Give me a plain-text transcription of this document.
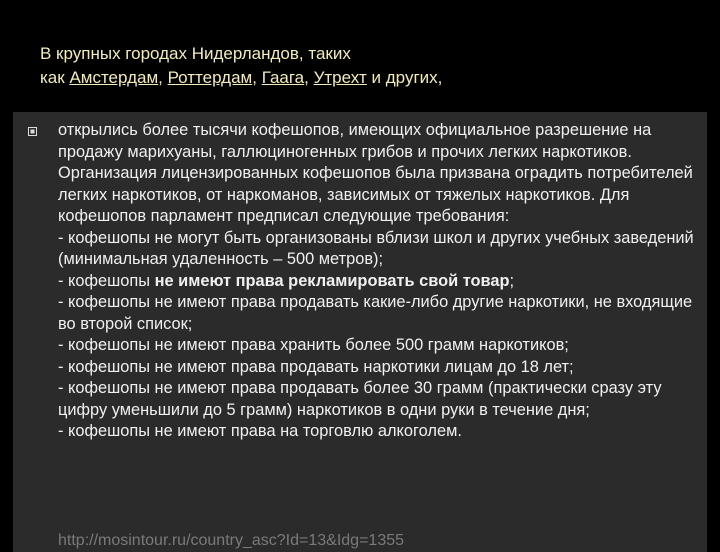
В крупных городах Нидерландов, таких
как Амстердам, Роттердам, Гаага, Утрехт и других,

открылись более тысячи кофешопов, имеющих официальное разрешение на продажу марихуаны, галлюциногенных грибов и прочих легких наркотиков. Организация лицензированных кофешопов была призвана оградить потребителей легких наркотиков, от наркоманов, зависимых от тяжелых наркотиков. Для кофешопов парламент предписал следующие требования:

- кофешопы не могут быть организованы вблизи школ и других учебных заведений (минимальная удаленность – 500 метров);

- кофешопы не имеют права рекламировать свой товар;

- кофешопы не имеют права продавать какие-либо другие наркотики, не входящие во второй список;

- кофешопы не имеют права хранить более 500 грамм наркотиков;

- кофешопы не имеют права продавать наркотики лицам до 18 лет;

- кофешопы не имеют права продавать более 30 грамм (практически сразу эту цифру уменьшили до 5 грамм) наркотиков в одни руки в течение дня;

- кофешопы не имеют права на торговлю алкоголем.

http://mosintour.ru/country_asc?Id=13&Idg=1355
